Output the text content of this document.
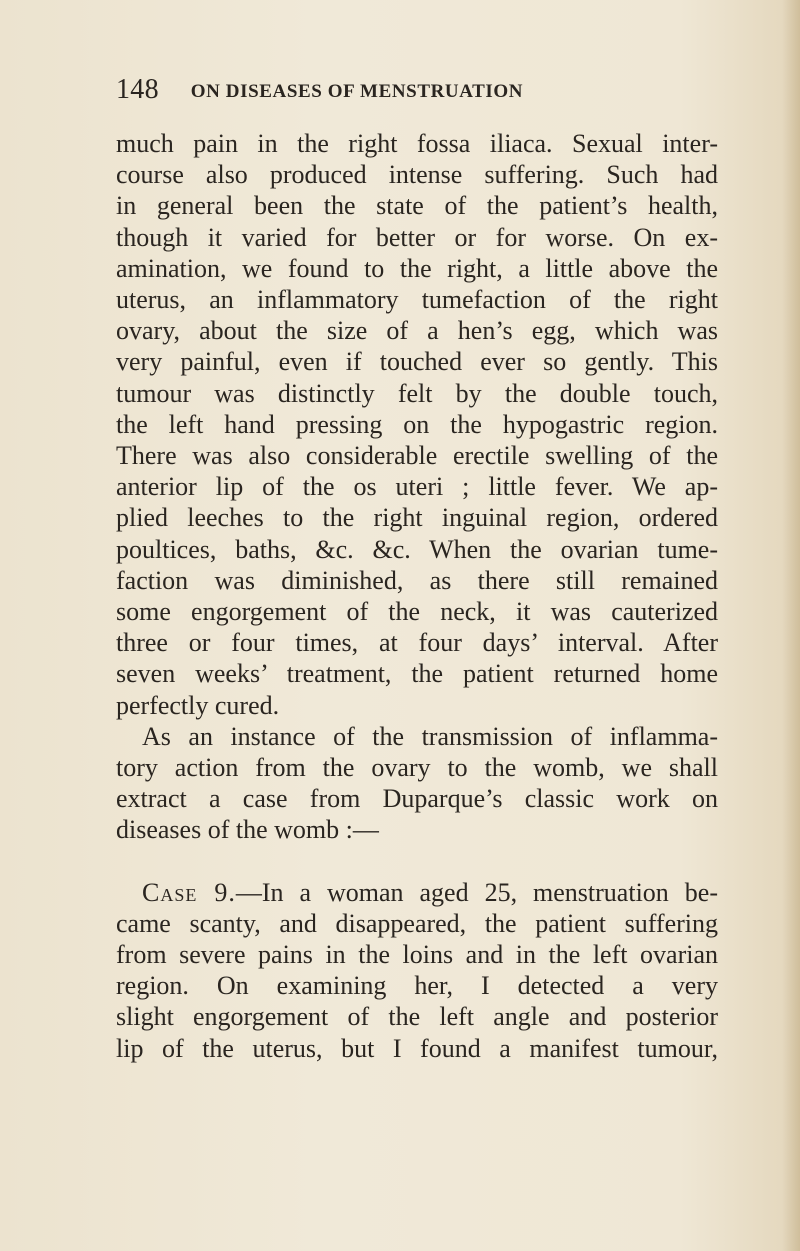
148 ON DISEASES OF MENSTRUATION

much pain in the right fossa iliaca. Sexual inter-
course also produced intense suffering. Such had
in general been the state of the patient’s health,
though it varied for better or for worse. On ex-
amination, we found to the right, a little above the
uterus, an inflammatory tumefaction of the right
ovary, about the size of a hen’s egg, which was
very painful, even if touched ever so gently. This
tumour was distinctly felt by the double touch,
the left hand pressing on the hypogastric region.
There was also considerable erectile swelling of the
anterior lip of the os uteri ; little fever. We ap-
plied leeches to the right inguinal region, ordered
poultices, baths, &c. &c. When the ovarian tume-
faction was diminished, as there still remained
some engorgement of the neck, it was cauterized
three or four times, at four days’ interval. After
seven weeks’ treatment, the patient returned home
perfectly cured.

As an instance of the transmission of inflamma-
tory action from the ovary to the womb, we shall
extract a case from Duparque’s classic work on
diseases of the womb :—

Case 9.—In a woman aged 25, menstruation be-
came scanty, and disappeared, the patient suffering
from severe pains in the loins and in the left ovarian
region. On examining her, I detected a very
slight engorgement of the left angle and posterior
lip of the uterus, but I found a manifest tumour,
